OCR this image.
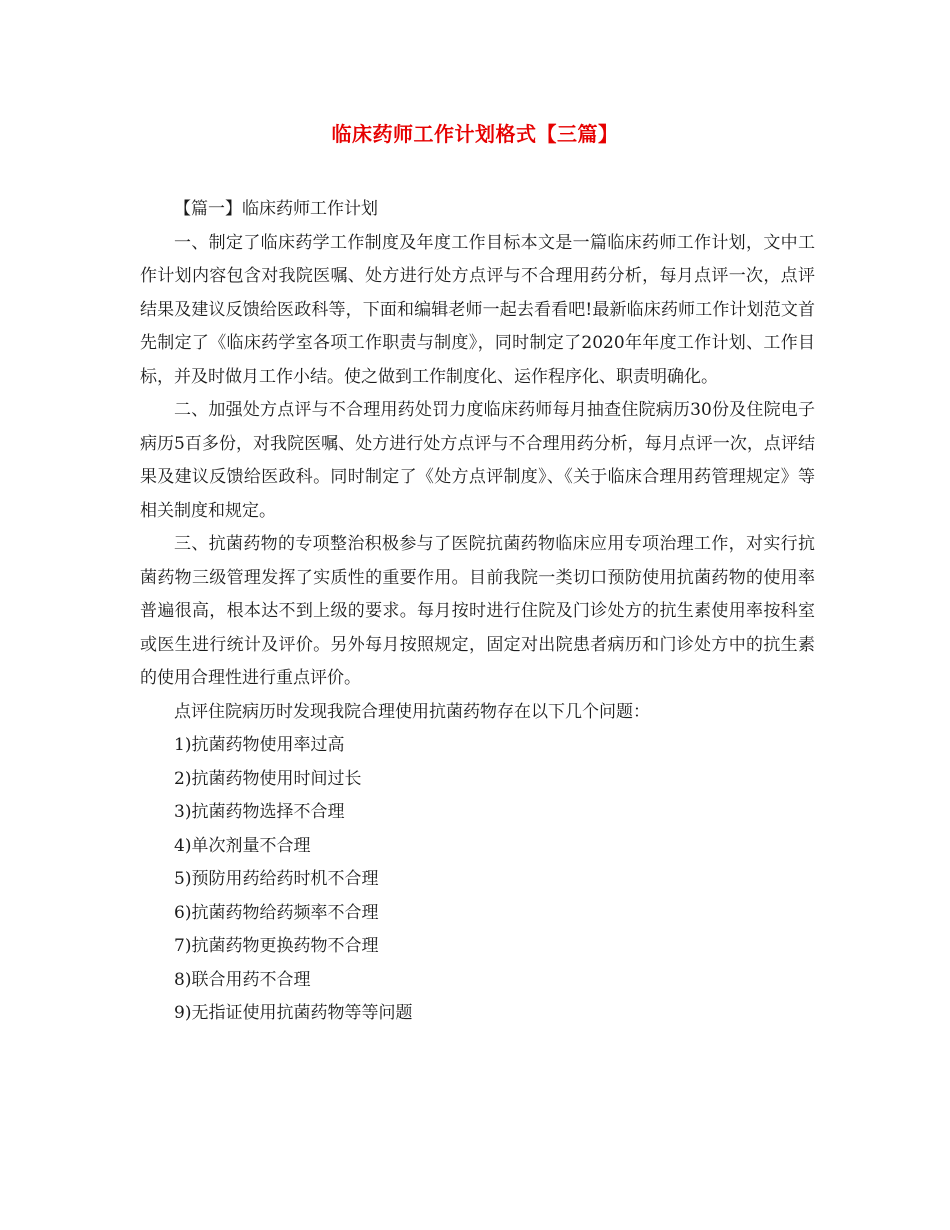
临床药师工作计划格式【三篇】

【篇一】临床药师工作计划

一、制定了临床药学工作制度及年度工作目标本文是一篇临床药师工作计划，文中工作计划内容包含对我院医嘱、处方进行处方点评与不合理用药分析，每月点评一次，点评结果及建议反馈给医政科等，下面和编辑老师一起去看看吧!最新临床药师工作计划范文首先制定了《临床药学室各项工作职责与制度》，同时制定了2020年年度工作计划、工作目标，并及时做月工作小结。使之做到工作制度化、运作程序化、职责明确化。

二、加强处方点评与不合理用药处罚力度临床药师每月抽查住院病历30份及住院电子病历5百多份，对我院医嘱、处方进行处方点评与不合理用药分析，每月点评一次，点评结果及建议反馈给医政科。同时制定了《处方点评制度》、《关于临床合理用药管理规定》等相关制度和规定。

三、抗菌药物的专项整治积极参与了医院抗菌药物临床应用专项治理工作，对实行抗菌药物三级管理发挥了实质性的重要作用。目前我院一类切口预防使用抗菌药物的使用率普遍很高，根本达不到上级的要求。每月按时进行住院及门诊处方的抗生素使用率按科室或医生进行统计及评价。另外每月按照规定，固定对出院患者病历和门诊处方中的抗生素的使用合理性进行重点评价。

点评住院病历时发现我院合理使用抗菌药物存在以下几个问题：

1)抗菌药物使用率过高

2)抗菌药物使用时间过长

3)抗菌药物选择不合理

4)单次剂量不合理

5)预防用药给药时机不合理

6)抗菌药物给药频率不合理

7)抗菌药物更换药物不合理

8)联合用药不合理

9)无指证使用抗菌药物等等问题
